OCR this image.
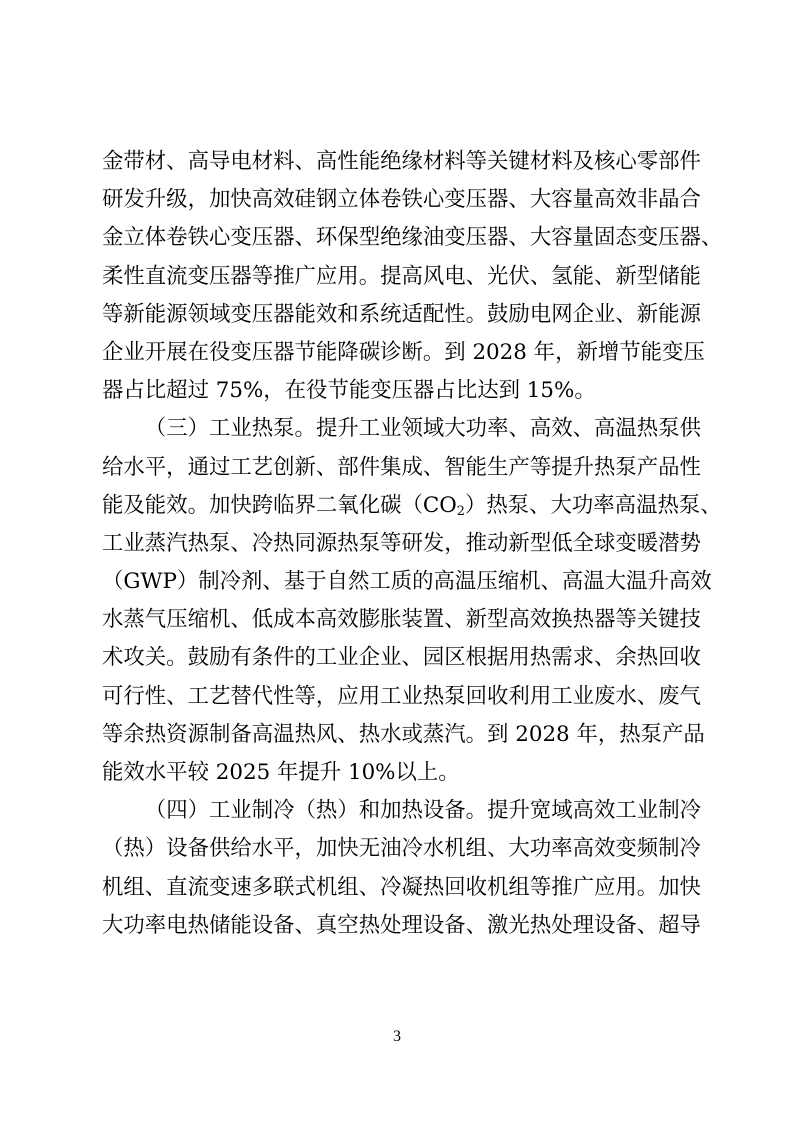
金带材、高导电材料、高性能绝缘材料等关键材料及核心零部件
研发升级，加快高效硅钢立体卷铁心变压器、大容量高效非晶合
金立体卷铁心变压器、环保型绝缘油变压器、大容量固态变压器、
柔性直流变压器等推广应用。提高风电、光伏、氢能、新型储能
等新能源领域变压器能效和系统适配性。鼓励电网企业、新能源
企业开展在役变压器节能降碳诊断。到 2028 年，新增节能变压
器占比超过 75%，在役节能变压器占比达到 15%。
（三）工业热泵。提升工业领域大功率、高效、高温热泵供
给水平，通过工艺创新、部件集成、智能生产等提升热泵产品性
能及能效。加快跨临界二氧化碳$(CO_2)$热泵、大功率高温热泵、
工业蒸汽热泵、冷热同源热泵等研发，推动新型低全球变暖潜势
（GWP）制冷剂、基于自然工质的高温压缩机、高温大温升高效
水蒸气压缩机、低成本高效膨胀装置、新型高效换热器等关键技
术攻关。鼓励有条件的工业企业、园区根据用热需求、余热回收
可行性、工艺替代性等，应用工业热泵回收利用工业废水、废气
等余热资源制备高温热风、热水或蒸汽。到 2028 年，热泵产品
能效水平较 2025 年提升 10%以上。
（四）工业制冷（热）和加热设备。提升宽域高效工业制冷
（热）设备供给水平，加快无油冷水机组、大功率高效变频制冷
机组、直流变速多联式机组、冷凝热回收机组等推广应用。加快
大功率电热储能设备、真空热处理设备、激光热处理设备、超导
3
